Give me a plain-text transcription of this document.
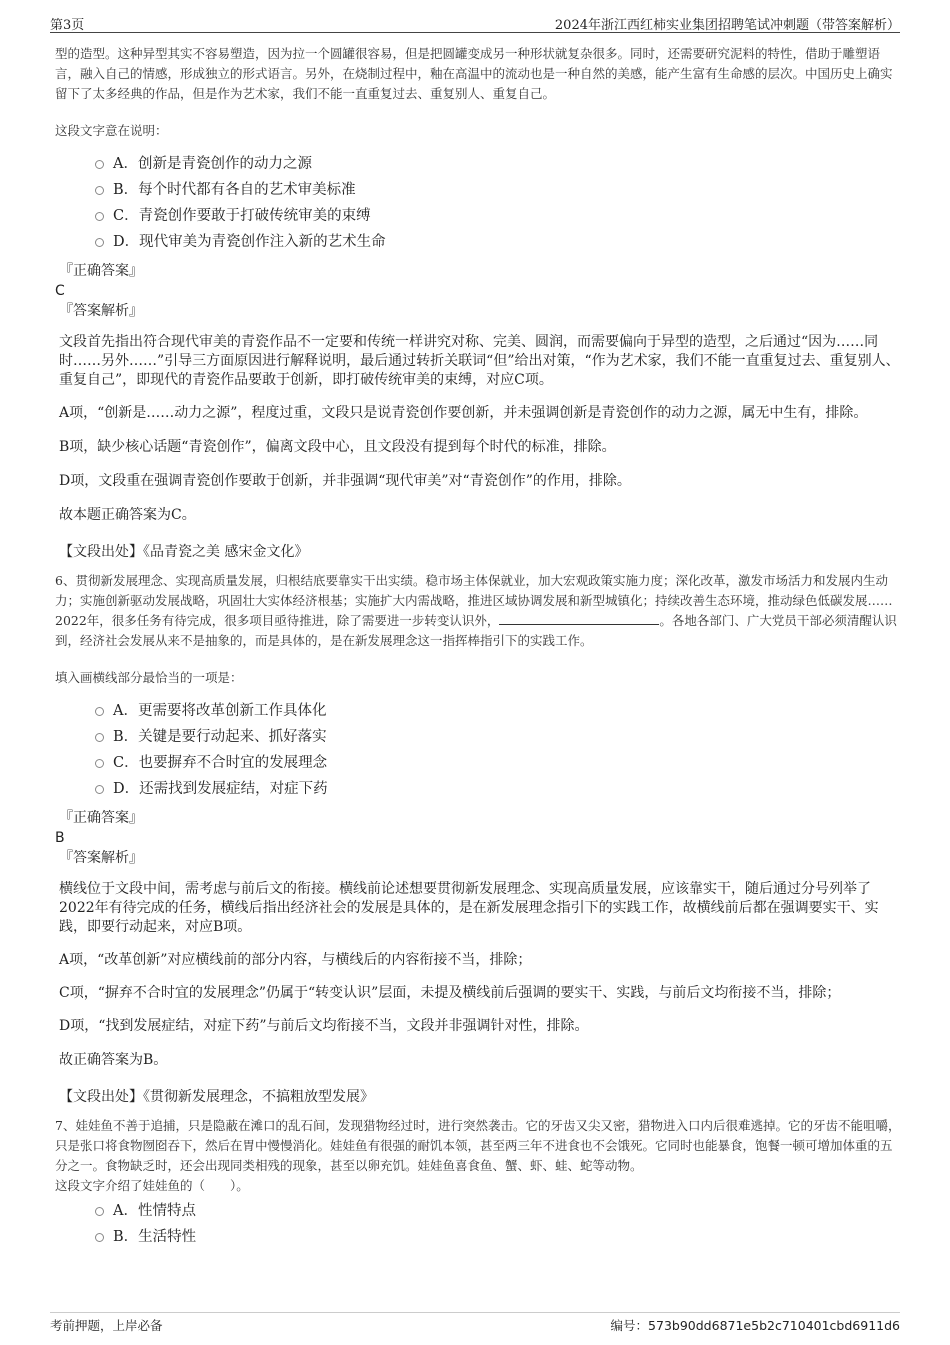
第3页	2024年浙江西红柿实业集团招聘笔试冲刺题（带答案解析）

型的造型。这种异型其实不容易塑造，因为拉一个圆罐很容易，但是把圆罐变成另一种形状就复杂很多。同时，还需要研究泥料的特性，借助于雕塑语言，融入自己的情感，形成独立的形式语言。另外，在烧制过程中，釉在高温中的流动也是一种自然的美感，能产生富有生命感的层次。中国历史上确实留下了太多经典的作品，但是作为艺术家，我们不能一直重复过去、重复别人、重复自己。

这段文字意在说明：

A．创新是青瓷创作的动力之源
B．每个时代都有各自的艺术审美标准
C．青瓷创作要敢于打破传统审美的束缚
D．现代审美为青瓷创作注入新的艺术生命

『正确答案』

C

『答案解析』

文段首先指出符合现代审美的青瓷作品不一定要和传统一样讲究对称、完美、圆润，而需要偏向于异型的造型，之后通过“因为……同时……另外……”引导三方面原因进行解释说明，最后通过转折关联词“但”给出对策，“作为艺术家，我们不能一直重复过去、重复别人、重复自己”，即现代的青瓷作品要敢于创新，即打破传统审美的束缚，对应C项。

A项，“创新是……动力之源”，程度过重，文段只是说青瓷创作要创新，并未强调创新是青瓷创作的动力之源，属无中生有，排除。

B项，缺少核心话题“青瓷创作”，偏离文段中心，且文段没有提到每个时代的标准，排除。

D项，文段重在强调青瓷创作要敢于创新，并非强调“现代审美”对“青瓷创作”的作用，排除。

故本题正确答案为C。

【文段出处】《品青瓷之美 感宋金文化》

6、贯彻新发展理念、实现高质量发展，归根结底要靠实干出实绩。稳市场主体保就业，加大宏观政策实施力度；深化改革，激发市场活力和发展内生动力；实施创新驱动发展战略，巩固壮大实体经济根基；实施扩大内需战略，推进区域协调发展和新型城镇化；持续改善生态环境，推动绿色低碳发展……2022年，很多任务有待完成，很多项目亟待推进，除了需要进一步转变认识外，	。各地各部门、广大党员干部必须清醒认识到，经济社会发展从来不是抽象的，而是具体的，是在新发展理念这一指挥棒指引下的实践工作。

填入画横线部分最恰当的一项是：

A．更需要将改革创新工作具体化
B．关键是要行动起来、抓好落实
C．也要摒弃不合时宜的发展理念
D．还需找到发展症结，对症下药

『正确答案』

B

『答案解析』

横线位于文段中间，需考虑与前后文的衔接。横线前论述想要贯彻新发展理念、实现高质量发展，应该靠实干，随后通过分号列举了2022年有待完成的任务，横线后指出经济社会的发展是具体的，是在新发展理念指引下的实践工作，故横线前后都在强调要实干、实践，即要行动起来，对应B项。

A项，“改革创新”对应横线前的部分内容，与横线后的内容衔接不当，排除；

C项，“摒弃不合时宜的发展理念”仍属于“转变认识”层面，未提及横线前后强调的要实干、实践，与前后文均衔接不当，排除；

D项，“找到发展症结，对症下药”与前后文均衔接不当，文段并非强调针对性，排除。

故正确答案为B。

【文段出处】《贯彻新发展理念，不搞粗放型发展》

7、娃娃鱼不善于追捕，只是隐蔽在滩口的乱石间，发现猎物经过时，进行突然袭击。它的牙齿又尖又密，猎物进入口内后很难逃掉。它的牙齿不能咀嚼，只是张口将食物囫囵吞下，然后在胃中慢慢消化。娃娃鱼有很强的耐饥本领，甚至两三年不进食也不会饿死。它同时也能暴食，饱餐一顿可增加体重的五分之一。食物缺乏时，还会出现同类相残的现象，甚至以卵充饥。娃娃鱼喜食鱼、蟹、虾、蛙、蛇等动物。

这段文字介绍了娃娃鱼的（　　）。

A．性情特点
B．生活特性
考前押题，上岸必备	编号：573b90dd6871e5b2c710401cbd6911d6
